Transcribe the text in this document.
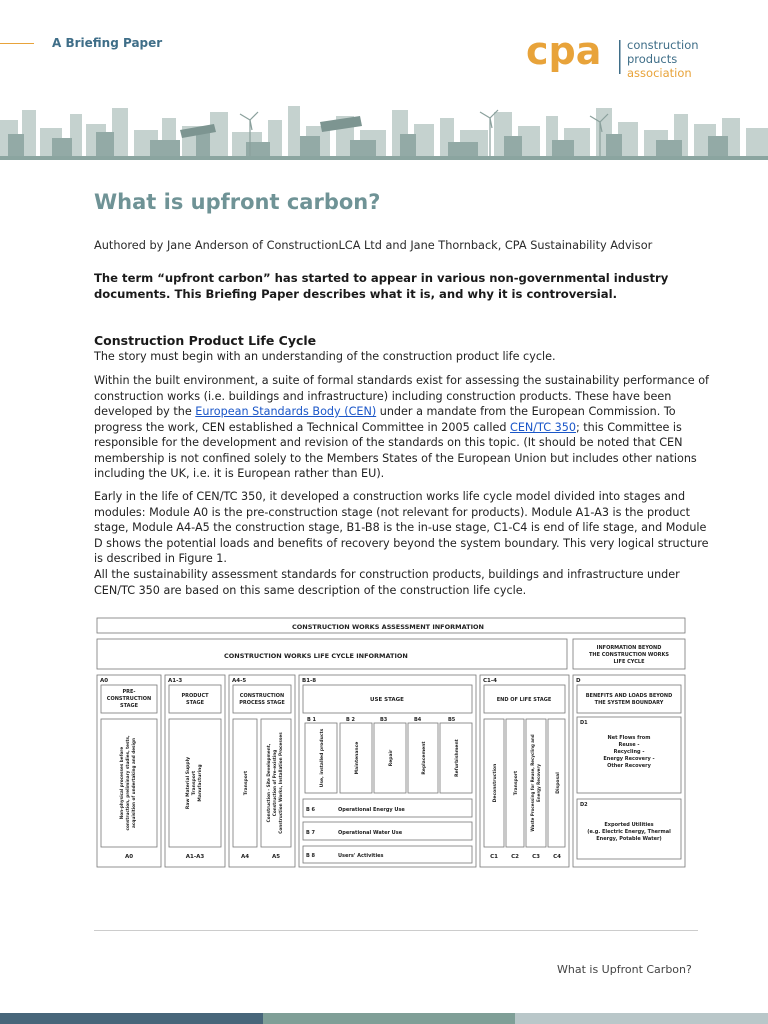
A Briefing Paper	cpa construction
products
association
What is upfront carbon?
Authored by Jane Anderson of ConstructionLCA Ltd and Jane Thornback, CPA Sustainability Advisor
The term “upfront carbon” has started to appear in various non-governmental industry documents. This Briefing Paper describes what it is, and why it is controversial.
Construction Product Life Cycle

The story must begin with an understanding of the construction product life cycle.

Within the built environment, a suite of formal standards exist for assessing the sustainability performance of construction works (i.e. buildings and infrastructure) including construction products. These have been developed by the European Standards Body (CEN) under a mandate from the European Commission. To progress the work, CEN established a Technical Committee in 2005 called CEN/TC 350; this Committee is responsible for the development and revision of the standards on this topic. (It should be noted that CEN membership is not confined solely to the Members States of the European Union but includes other nations including the UK, i.e. it is European rather than EU).

Early in the life of CEN/TC 350, it developed a construction works life cycle model divided into stages and modules: Module A0 is the pre-construction stage (not relevant for products). Module A1-A3 is the product stage, Module A4-A5 the construction stage, B1-B8 is the in-use stage, C1-C4 is end of life stage, and Module D shows the potential loads and benefits of recovery beyond the system boundary. This very logical structure is described in Figure 1.

All the sustainability assessment standards for construction products, buildings and infrastructure under CEN/TC 350 are based on this same description of the construction life cycle.

CONSTRUCTION WORKS ASSESSMENT INFORMATION
CONSTRUCTION WORKS LIFE CYCLE INFORMATION
INFORMATION BEYOND
THE CONSTRUCTION WORKS
LIFE CYCLE
A0
PRE-
CONSTRUCTION
STAGE
Non-physical processes before construction, preliminary studies, tests, acquisition of undertaking and design
A0
A1-3
PRODUCT
STAGE
Raw Material Supply Transport Manufacturing
A1-A3
A4-5
CONSTRUCTION
PROCESS STAGE
Transport	Construction - Site Development, Construction of Pre-existing Construction Works, Installation Processes
A4	A5
B1-8
USE STAGE
B 1	B 2	B3	B4	B5
Use, installed products	Maintenance	Repair	Replacement	Refurbishment
B 6	Operational Energy Use
B 7	Operational Water Use
B 8	Users' Activities
C1-4
END OF LIFE STAGE
Deconstruction	Transport	Waste Processing for Reuse, Recycling and Energy Recovery	Disposal
C1 C2 C3 C4
D
BENEFITS AND LOADS BEYOND
THE SYSTEM BOUNDARY
D1
Net Flows from
Reuse -
Recycling -
Energy Recovery -
Other Recovery
D2
Exported Utilities
(e.g. Electric Energy, Thermal
Energy, Potable Water)
What is Upfront Carbon?
